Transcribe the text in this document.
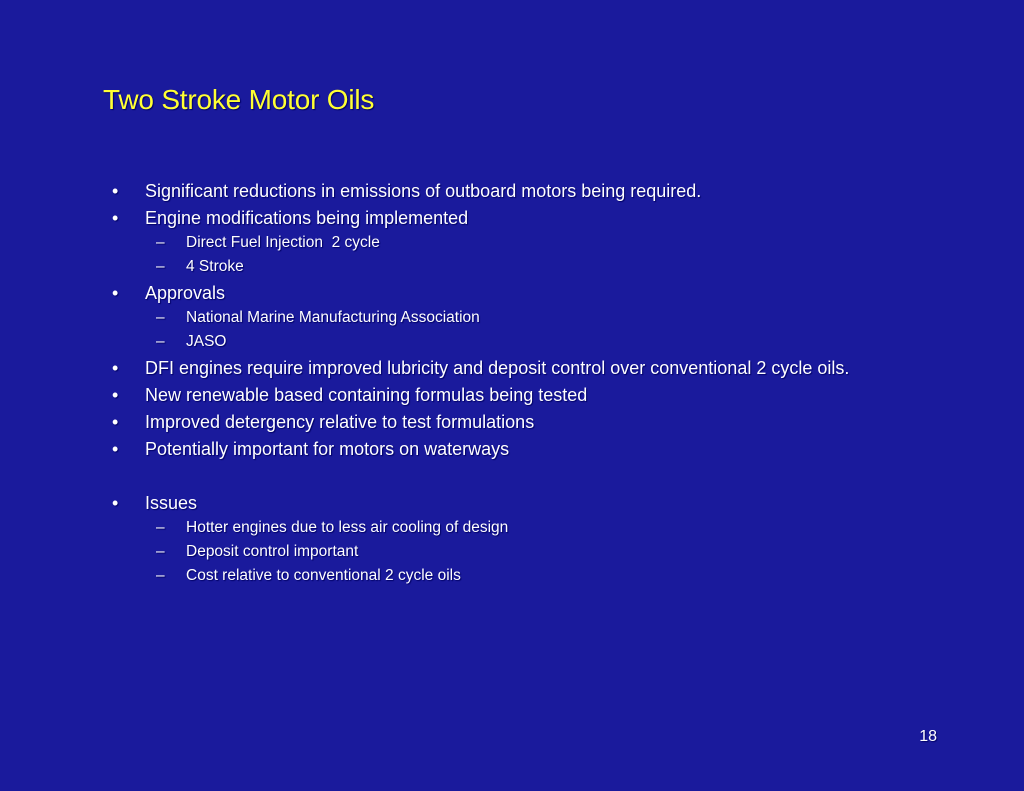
Two Stroke Motor Oils
•	Significant reductions in emissions of outboard motors being required.
•	Engine modifications being implemented
–	Direct Fuel Injection  2 cycle
–	4 Stroke
•	Approvals
–	National Marine Manufacturing Association
–	JASO
•	DFI engines require improved lubricity and deposit control over conventional 2 cycle oils.
•	New renewable based containing formulas being tested
•	Improved detergency relative to test formulations
•	Potentially important for motors on waterways
•	Issues
–	Hotter engines due to less air cooling of design
–	Deposit control important
–	Cost relative to conventional 2 cycle oils
18
